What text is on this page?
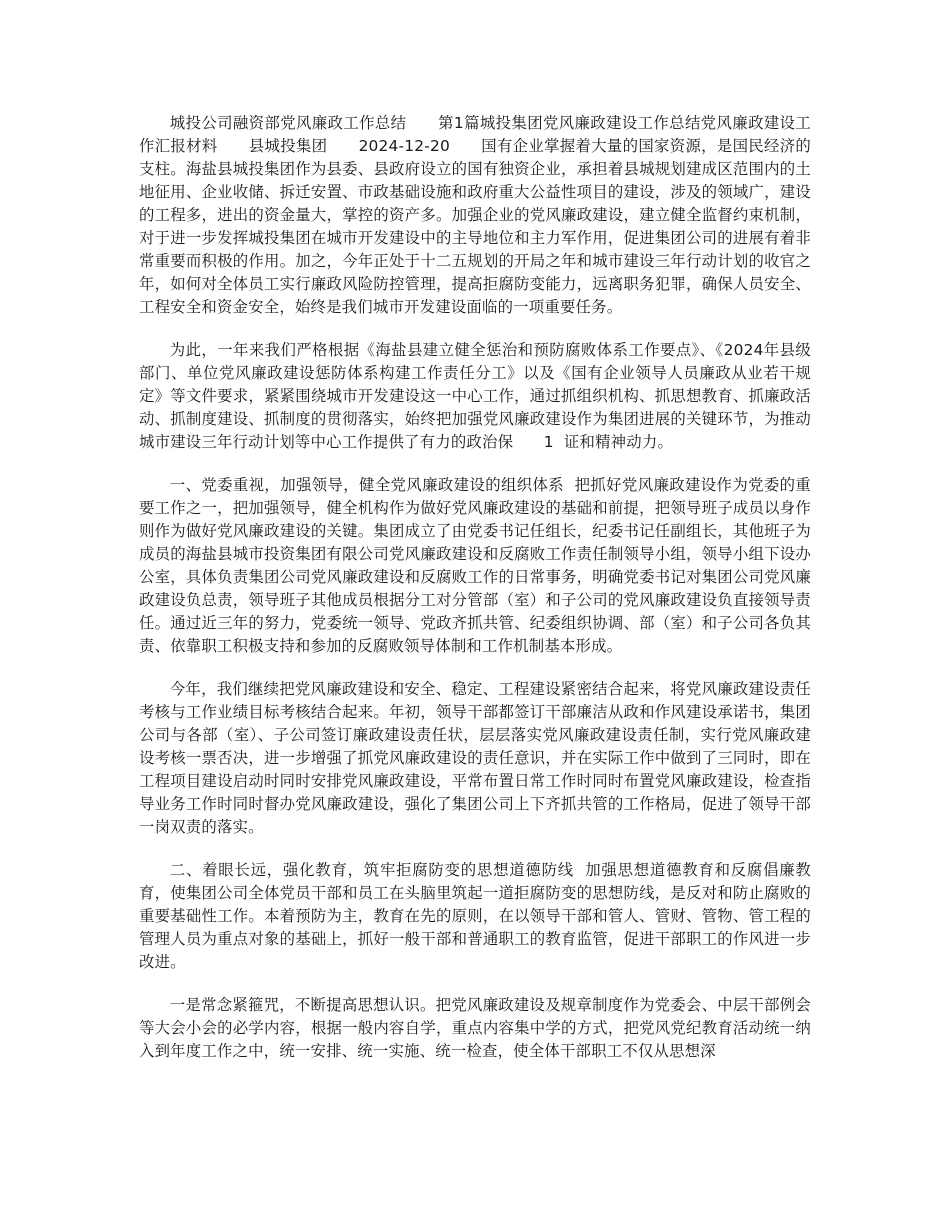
城投公司融资部党风廉政工作总结      第1篇城投集团党风廉政建设工作总结党风廉政建设工作汇报材料      县城投集团      2024-12-20      国有企业掌握着大量的国家资源，是国民经济的支柱。海盐县城投集团作为县委、县政府设立的国有独资企业，承担着县城规划建成区范围内的土地征用、企业收储、拆迁安置、市政基础设施和政府重大公益性项目的建设，涉及的领域广，建设的工程多，进出的资金量大，掌控的资产多。加强企业的党风廉政建设，建立健全监督约束机制，对于进一步发挥城投集团在城市开发建设中的主导地位和主力军作用，促进集团公司的进展有着非常重要而积极的作用。加之，今年正处于十二五规划的开局之年和城市建设三年行动计划的收官之年，如何对全体员工实行廉政风险防控管理，提高拒腐防变能力，远离职务犯罪，确保人员安全、工程安全和资金安全，始终是我们城市开发建设面临的一项重要任务。

为此，一年来我们严格根据《海盐县建立健全惩治和预防腐败体系工作要点》、《2024年县级部门、单位党风廉政建设惩防体系构建工作责任分工》以及《国有企业领导人员廉政从业若干规定》等文件要求，紧紧围绕城市开发建设这一中心工作，通过抓组织机构、抓思想教育、抓廉政活动、抓制度建设、抓制度的贯彻落实，始终把加强党风廉政建设作为集团进展的关键环节，为推动城市建设三年行动计划等中心工作提供了有力的政治保      1  证和精神动力。

一、党委重视，加强领导，健全党风廉政建设的组织体系  把抓好党风廉政建设作为党委的重要工作之一，把加强领导，健全机构作为做好党风廉政建设的基础和前提，把领导班子成员以身作则作为做好党风廉政建设的关键。集团成立了由党委书记任组长，纪委书记任副组长，其他班子为成员的海盐县城市投资集团有限公司党风廉政建设和反腐败工作责任制领导小组，领导小组下设办公室，具体负责集团公司党风廉政建设和反腐败工作的日常事务，明确党委书记对集团公司党风廉政建设负总责，领导班子其他成员根据分工对分管部（室）和子公司的党风廉政建设负直接领导责任。通过近三年的努力，党委统一领导、党政齐抓共管、纪委组织协调、部（室）和子公司各负其责、依靠职工积极支持和参加的反腐败领导体制和工作机制基本形成。

今年，我们继续把党风廉政建设和安全、稳定、工程建设紧密结合起来，将党风廉政建设责任考核与工作业绩目标考核结合起来。年初，领导干部都签订干部廉洁从政和作风建设承诺书，集团公司与各部（室）、子公司签订廉政建设责任状，层层落实党风廉政建设责任制，实行党风廉政建设考核一票否决，进一步增强了抓党风廉政建设的责任意识，并在实际工作中做到了三同时，即在工程项目建设启动时同时安排党风廉政建设，平常布置日常工作时同时布置党风廉政建设，检查指导业务工作时同时督办党风廉政建设，强化了集团公司上下齐抓共管的工作格局，促进了领导干部一岗双责的落实。

二、着眼长远，强化教育，筑牢拒腐防变的思想道德防线  加强思想道德教育和反腐倡廉教育，使集团公司全体党员干部和员工在头脑里筑起一道拒腐防变的思想防线，是反对和防止腐败的重要基础性工作。本着预防为主，教育在先的原则，在以领导干部和管人、管财、管物、管工程的管理人员为重点对象的基础上，抓好一般干部和普通职工的教育监管，促进干部职工的作风进一步改进。

一是常念紧箍咒，不断提高思想认识。把党风廉政建设及规章制度作为党委会、中层干部例会等大会小会的必学内容，根据一般内容自学，重点内容集中学的方式，把党风党纪教育活动统一纳入到年度工作之中，统一安排、统一实施、统一检查，使全体干部职工不仅从思想深
